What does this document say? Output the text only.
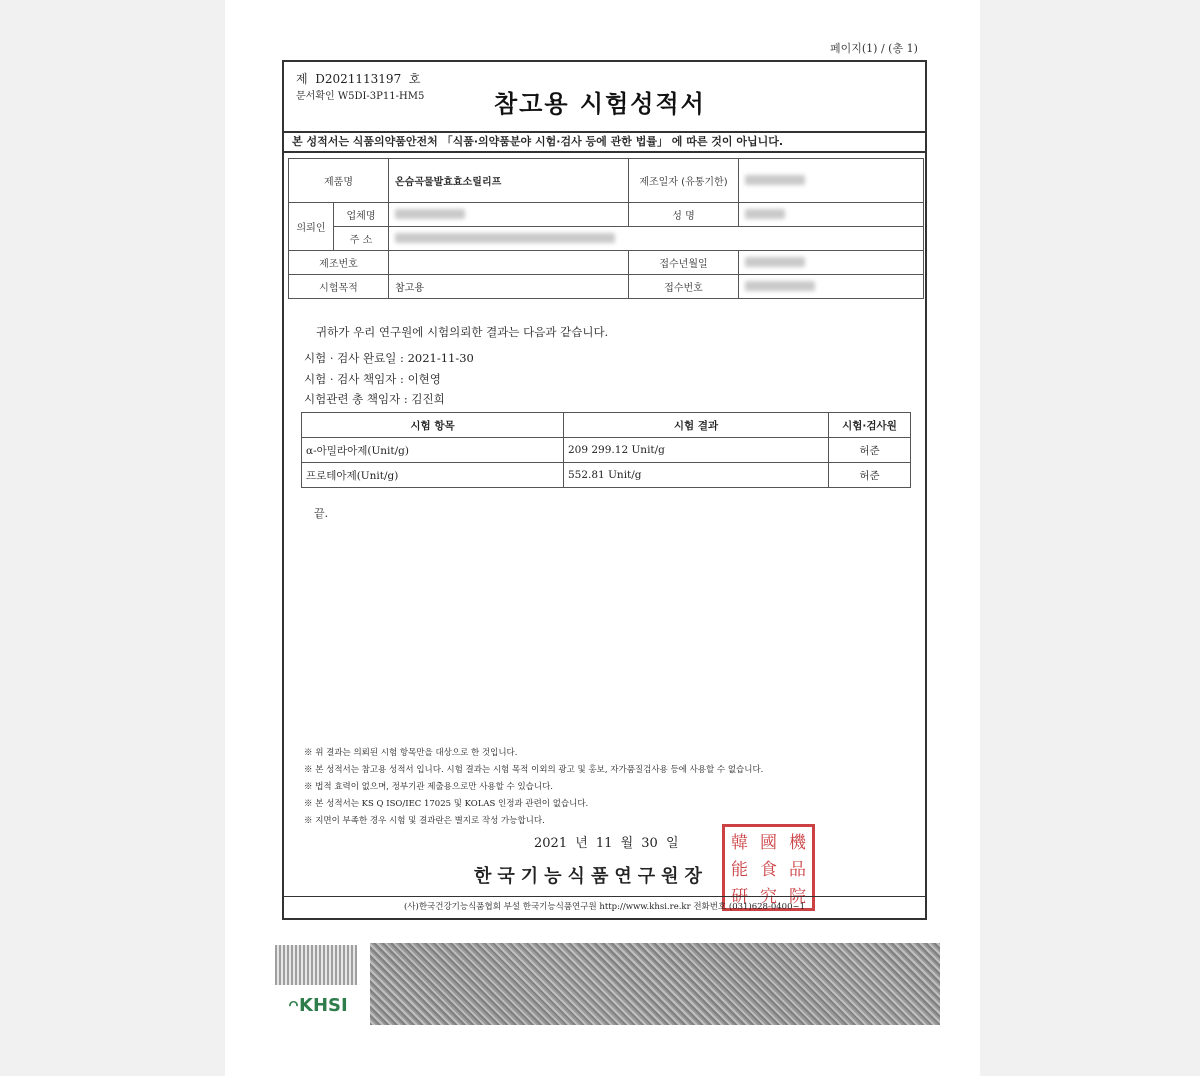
페이지(1) / (총 1)
제 D2021113197 호
문서확인 W5DI-3P11-HM5	참고용 시험성적서
본 성적서는 식품의약품안전처 「식품·의약품분야 시험·검사 등에 관한 법률」 에 따른 것이 아닙니다.
제품명		온슴곡물발효효소릴리프	제조일자 (유통기한)	
의뢰인	업체명		성 명	
	주 소			
제조번호			접수년월일	
시험목적		참고용	접수번호	
귀하가 우리 연구원에 시험의뢰한 결과는 다음과 같습니다.
시험 · 검사 완료일 : 2021-11-30
시험 · 검사 책임자 : 이현영
시험관련 총 책임자 : 김진희
시험 항목	시험 결과	시험·검사원
α-아밀라아제(Unit/g)	209 299.12 Unit/g	허준
프로테아제(Unit/g)	552.81 Unit/g	허준
끝.
※ 위 결과는 의뢰된 시험 항목만을 대상으로 한 것입니다.
※ 본 성적서는 참고용 성적서 입니다. 시험 결과는 시험 목적 이외의 광고 및 홍보, 자가품질검사용 등에 사용할 수 없습니다.
※ 법적 효력이 없으며, 정부기관 제출용으로만 사용할 수 있습니다.
※ 본 성적서는 KS Q ISO/IEC 17025 및 KOLAS 인정과 관련이 없습니다.
※ 지면이 부족한 경우 시험 및 결과란은 별지로 작성 가능합니다.
2021 년 11 월 30 일
한국기능식품연구원장
韓 國 機
能 食 品
硏 究 院
(사)한국건강기능식품협회 부설 한국기능식품연구원 http://www.khsi.re.kr 전화번호 (031)628-0400~1
ᴖKHSI
